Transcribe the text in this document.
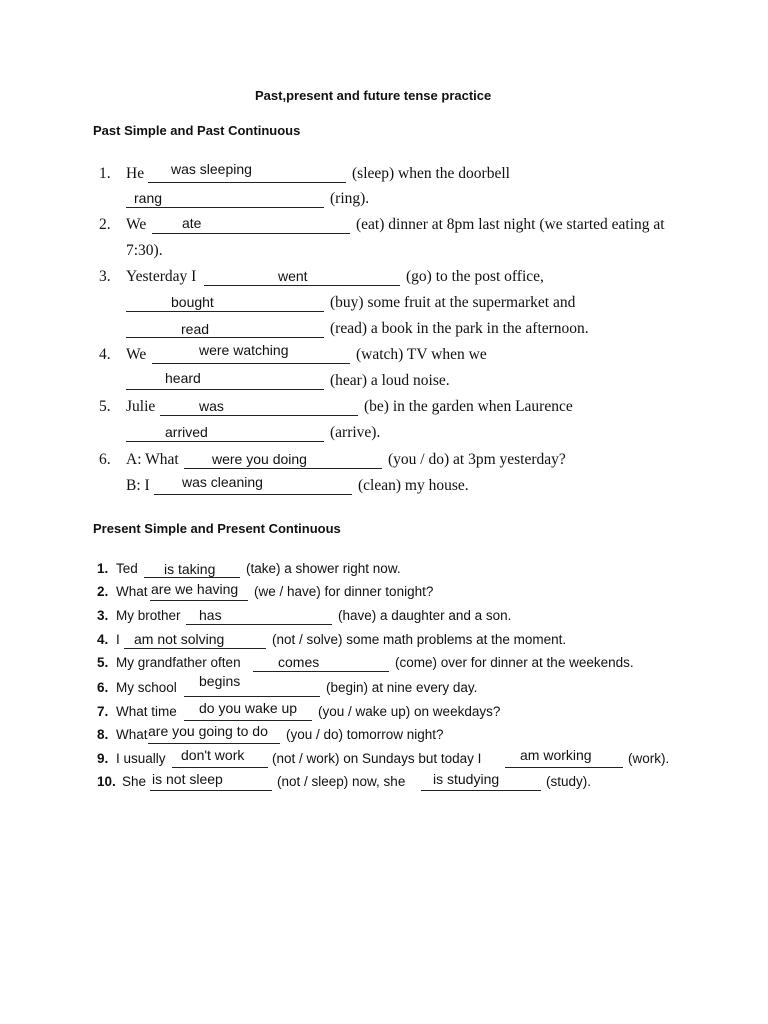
Past,present and future tense practice
Past Simple and Past Continuous
1. He was sleeping	(sleep) when the doorbell
rang	(ring).
2. We	ate	(eat) dinner at 8pm last night (we started eating at
7:30).
3. Yesterday I	went	(go) to the post office,
bought	(buy) some fruit at the supermarket and
read	(read) a book in the park in the afternoon.
4. We	were watching	(watch) TV when we
heard	(hear) a loud noise.
5. Julie	was	(be) in the garden when Laurence
arrived	(arrive).
6. A: What were you doing	(you / do) at 3pm yesterday?
B: I was cleaning	(clean) my house.
Present Simple and Present Continuous
1. Ted is taking (take) a shower right now.
2. What are we having (we / have) for dinner tonight?
3. My brother has	(have) a daughter and a son.
4. I am not solving	(not / solve) some math problems at the moment.
5. My grandfather often	comes	(come) over for dinner at the weekends.
6. My school begins	(begin) at nine every day.
7. What time do you wake up (you / wake up) on weekdays?
8. What are you going to do (you / do) tomorrow night?
9. I usually don't work (not / work) on Sundays but today I	am working	(work).
10. She is not sleep	(not / sleep) now, she is studying	(study).
